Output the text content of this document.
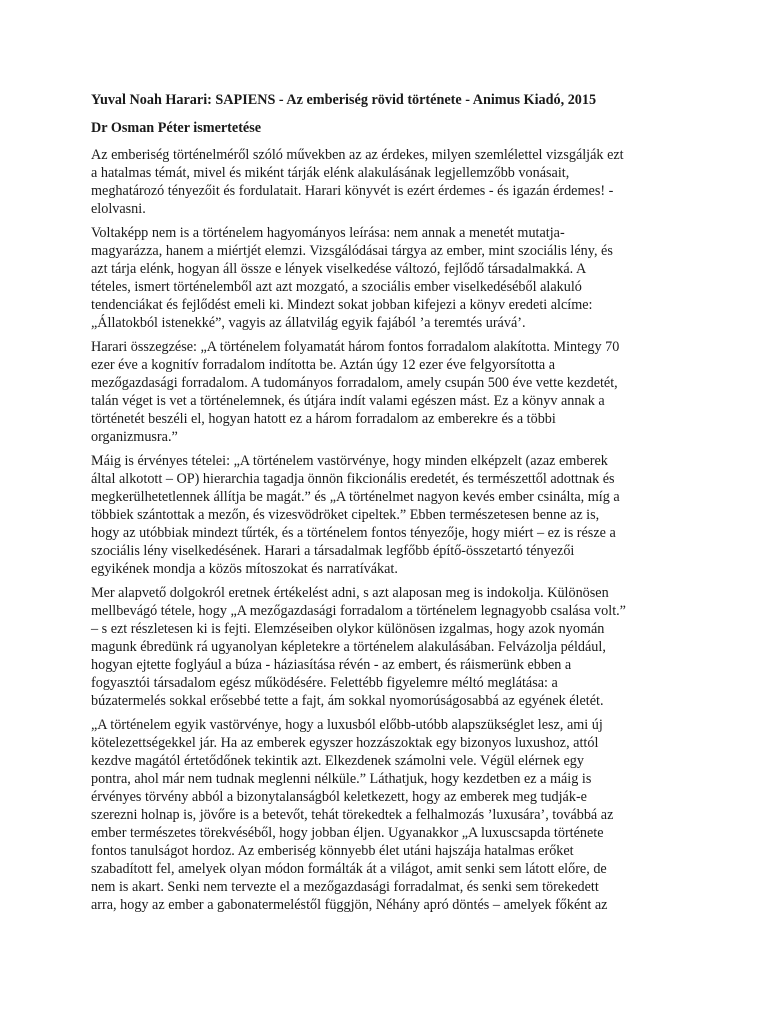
Yuval Noah Harari: SAPIENS - Az emberiség rövid története - Animus Kiadó, 2015
Dr Osman Péter ismertetése

Az emberiség történelméről szóló művekben az az érdekes, milyen szemlélettel vizsgálják ezt
a hatalmas témát, mivel és miként tárják elénk alakulásának legjellemzőbb vonásait,
meghatározó tényezőit és fordulatait. Harari könyvét is ezért érdemes - és igazán érdemes! -
elolvasni.

Voltaképp nem is a történelem hagyományos leírása: nem annak a menetét mutatja-
magyarázza, hanem a miértjét elemzi. Vizsgálódásai tárgya az ember, mint szociális lény, és
azt tárja elénk, hogyan áll össze e lények viselkedése változó, fejlődő társadalmakká. A
tételes, ismert történelemből azt azt mozgató, a szociális ember viselkedéséből alakuló
tendenciákat és fejlődést emeli ki. Mindezt sokat jobban kifejezi a könyv eredeti alcíme:
„Állatokból istenekké”, vagyis az állatvilág egyik fajából ’a teremtés urává’.

Harari összegzése: „A történelem folyamatát három fontos forradalom alakította. Mintegy 70
ezer éve a kognitív forradalom indította be. Aztán úgy 12 ezer éve felgyorsította a
mezőgazdasági forradalom. A tudományos forradalom, amely csupán 500 éve vette kezdetét,
talán véget is vet a történelemnek, és útjára indít valami egészen mást. Ez a könyv annak a
történetét beszéli el, hogyan hatott ez a három forradalom az emberekre és a többi
organizmusra.”

Máig is érvényes tételei: „A történelem vastörvénye, hogy minden elképzelt (azaz emberek
által alkotott – OP) hierarchia tagadja önnön fikcionális eredetét, és természettől adottnak és
megkerülhetetlennek állítja be magát.” és „A történelmet nagyon kevés ember csinálta, míg a
többiek szántottak a mezőn, és vizesvödröket cipeltek.” Ebben természetesen benne az is,
hogy az utóbbiak mindezt tűrték, és a történelem fontos tényezője, hogy miért – ez is része a
szociális lény viselkedésének. Harari a társadalmak legfőbb építő-összetartó tényezői
egyikének mondja a közös mítoszokat és narratívákat.

Mer alapvető dolgokról eretnek értékelést adni, s azt alaposan meg is indokolja. Különösen
mellbevágó tétele, hogy „A mezőgazdasági forradalom a történelem legnagyobb csalása volt.”
– s ezt részletesen ki is fejti. Elemzéseiben olykor különösen izgalmas, hogy azok nyomán
magunk ébredünk rá ugyanolyan képletekre a történelem alakulásában. Felvázolja például,
hogyan ejtette foglyául a búza - háziasítása révén - az embert, és ráismerünk ebben a
fogyasztói társadalom egész működésére. Felettébb figyelemre méltó meglátása: a
búzatermelés sokkal erősebbé tette a fajt, ám sokkal nyomorúságosabbá az egyének életét.

„A történelem egyik vastörvénye, hogy a luxusból előbb-utóbb alapszükséglet lesz, ami új
kötelezettségekkel jár. Ha az emberek egyszer hozzászoktak egy bizonyos luxushoz, attól
kezdve magától értetődőnek tekintik azt. Elkezdenek számolni vele. Végül elérnek egy
pontra, ahol már nem tudnak meglenni nélküle.” Láthatjuk, hogy kezdetben ez a máig is
érvényes törvény abból a bizonytalanságból keletkezett, hogy az emberek meg tudják-e
szerezni holnap is, jövőre is a betevőt, tehát törekedtek a felhalmozás ’luxusára’, továbbá az
ember természetes törekvéséből, hogy jobban éljen. Ugyanakkor „A luxuscsapda története
fontos tanulságot hordoz. Az emberiség könnyebb élet utáni hajszája hatalmas erőket
szabadított fel, amelyek olyan módon formálták át a világot, amit senki sem látott előre, de
nem is akart. Senki nem tervezte el a mezőgazdasági forradalmat, és senki sem törekedett
arra, hogy az ember a gabonatermeléstől függjön, Néhány apró döntés – amelyek főként az
